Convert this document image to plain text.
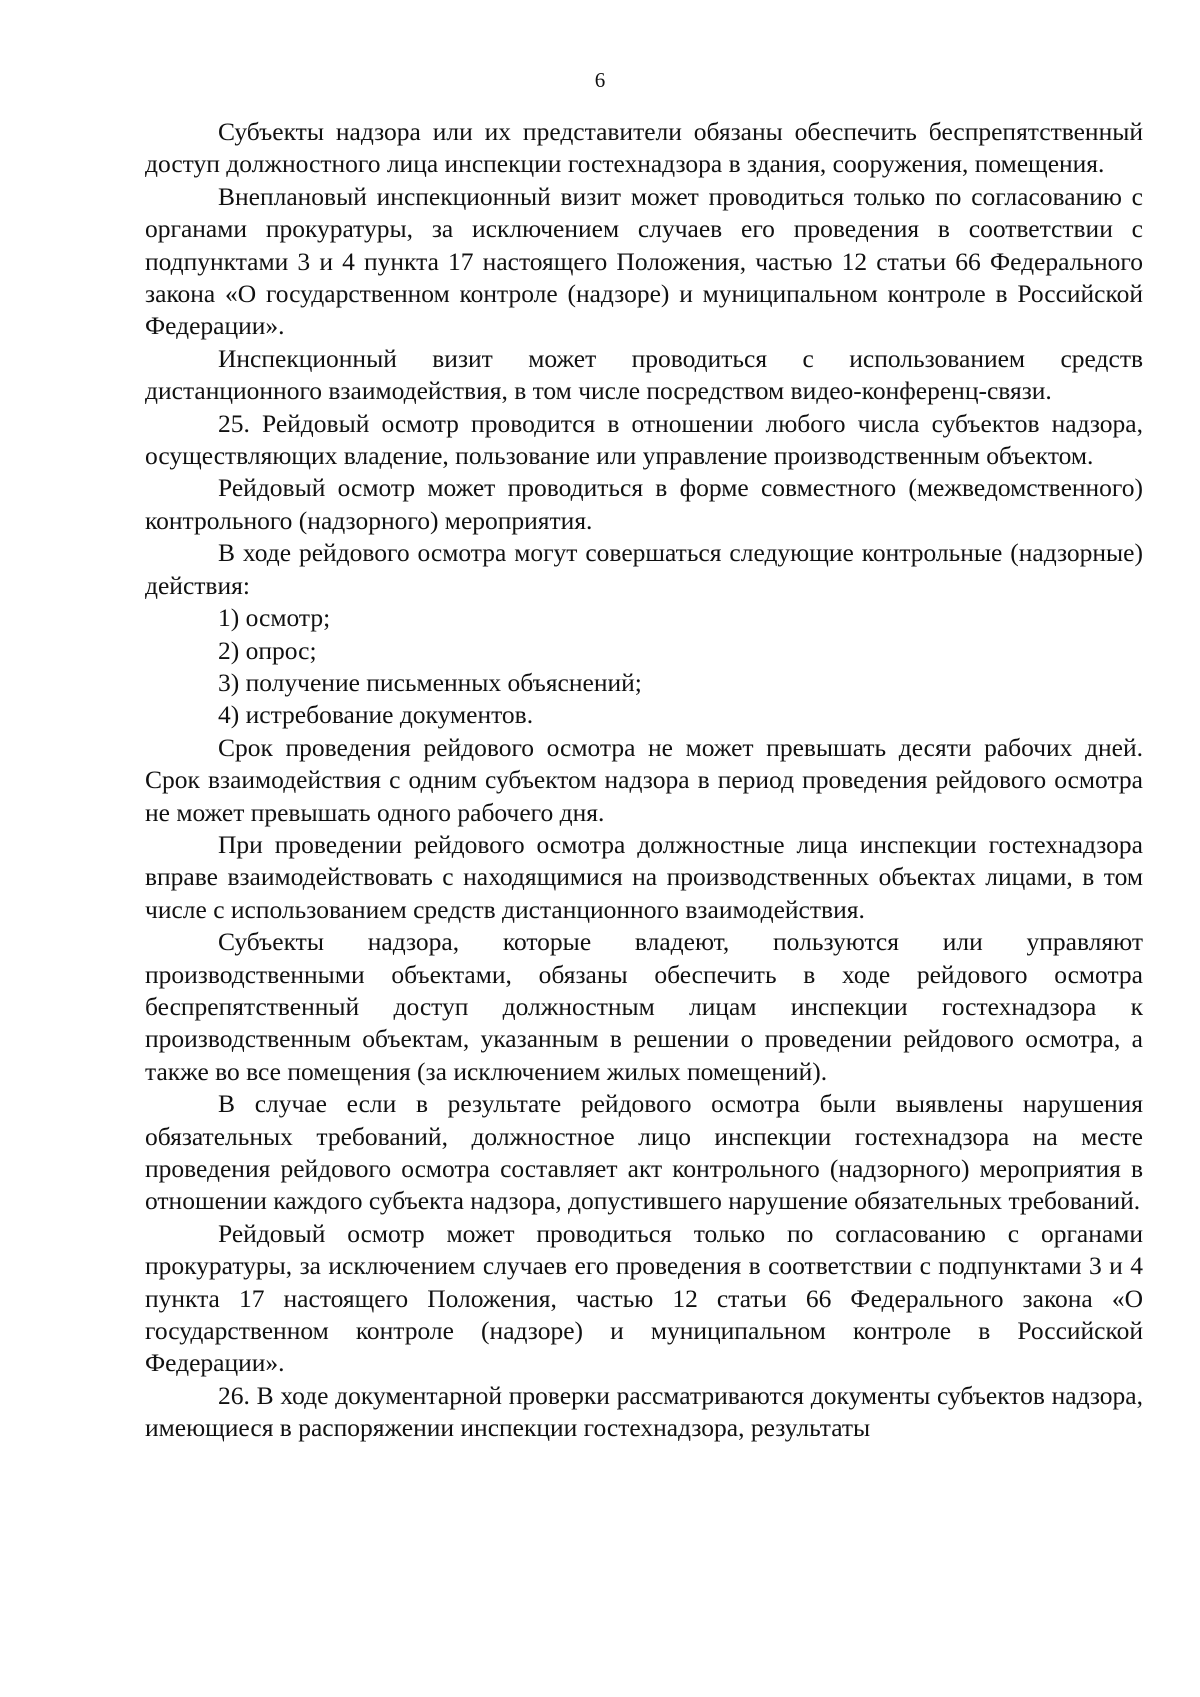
6

Субъекты надзора или их представители обязаны обеспечить беспрепятственный доступ должностного лица инспекции гостехнадзора в здания, сооружения, помещения.

Внеплановый инспекционный визит может проводиться только по согласованию с органами прокуратуры, за исключением случаев его проведения в соответствии с подпунктами 3 и 4 пункта 17 настоящего Положения, частью 12 статьи 66 Федерального закона «О государственном контроле (надзоре) и муниципальном контроле в Российской Федерации».

Инспекционный визит может проводиться с использованием средств дистанционного взаимодействия, в том числе посредством видео-конференц-связи.

25. Рейдовый осмотр проводится в отношении любого числа субъектов надзора, осуществляющих владение, пользование или управление производственным объектом.

Рейдовый осмотр может проводиться в форме совместного (межведомственного) контрольного (надзорного) мероприятия.

В ходе рейдового осмотра могут совершаться следующие контрольные (надзорные) действия:

1) осмотр;

2) опрос;

3) получение письменных объяснений;

4) истребование документов.

Срок проведения рейдового осмотра не может превышать десяти рабочих дней. Срок взаимодействия с одним субъектом надзора в период проведения рейдового осмотра не может превышать одного рабочего дня.

При проведении рейдового осмотра должностные лица инспекции гостехнадзора вправе взаимодействовать с находящимися на производственных объектах лицами, в том числе с использованием средств дистанционного взаимодействия.

Субъекты надзора, которые владеют, пользуются или управляют производственными объектами, обязаны обеспечить в ходе рейдового осмотра беспрепятственный доступ должностным лицам инспекции гостехнадзора к производственным объектам, указанным в решении о проведении рейдового осмотра, а также во все помещения (за исключением жилых помещений).

В случае если в результате рейдового осмотра были выявлены нарушения обязательных требований, должностное лицо инспекции гостехнадзора на месте проведения рейдового осмотра составляет акт контрольного (надзорного) мероприятия в отношении каждого субъекта надзора, допустившего нарушение обязательных требований.

Рейдовый осмотр может проводиться только по согласованию с органами прокуратуры, за исключением случаев его проведения в соответствии с подпунктами 3 и 4 пункта 17 настоящего Положения, частью 12 статьи 66 Федерального закона «О государственном контроле (надзоре) и муниципальном контроле в Российской Федерации».

26. В ходе документарной проверки рассматриваются документы субъектов надзора, имеющиеся в распоряжении инспекции гостехнадзора, результаты
